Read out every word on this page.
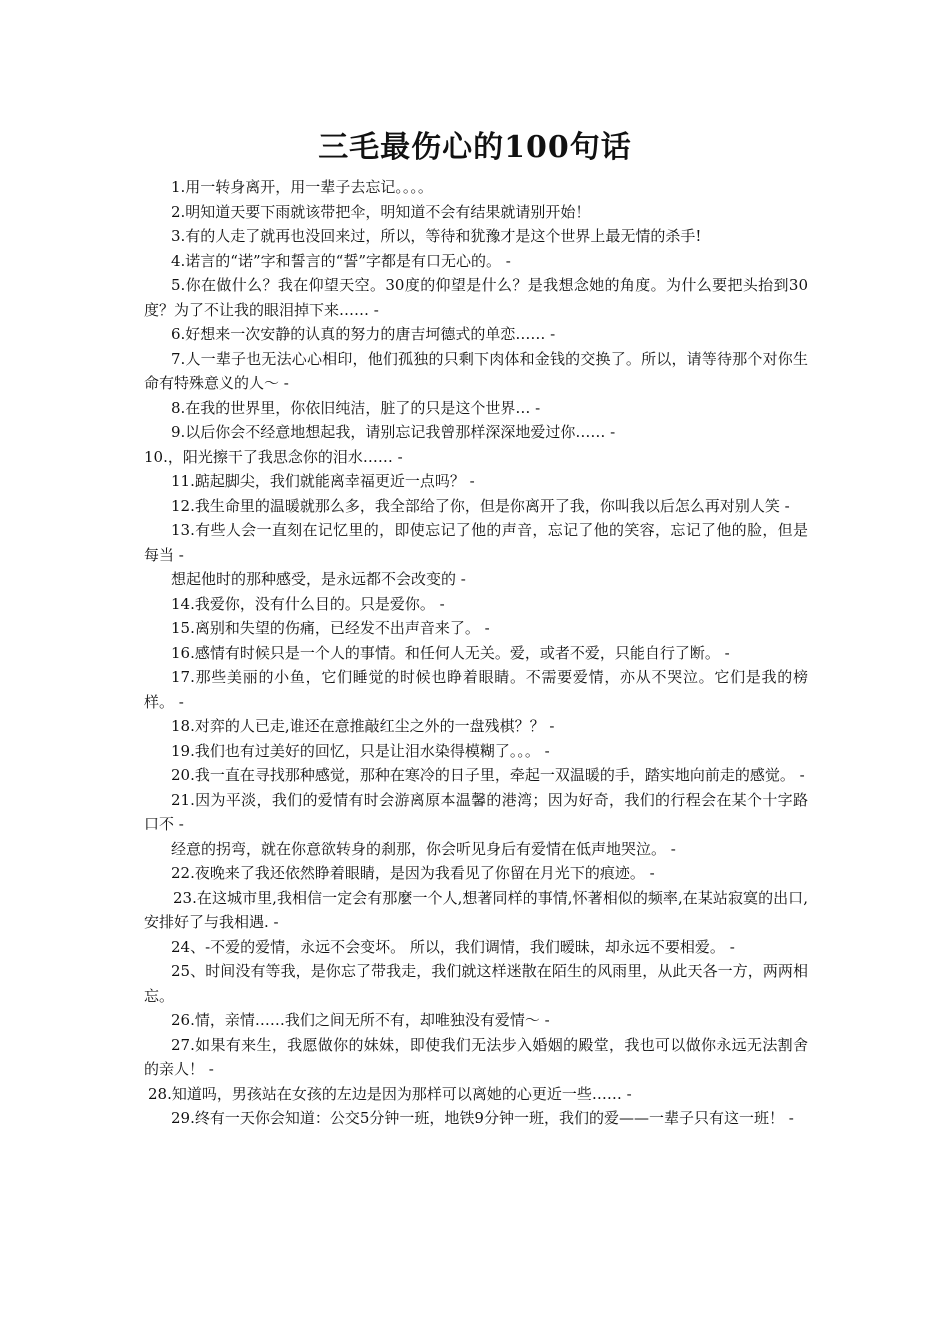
三毛最伤心的100句话
1.用一转身离开，用一辈子去忘记。。。。
2.明知道天要下雨就该带把伞，明知道不会有结果就请别开始！
3.有的人走了就再也没回来过，所以，等待和犹豫才是这个世界上最无情的杀手!
4.诺言的“诺”字和誓言的“誓”字都是有口无心的。 -
5.你在做什么？我在仰望天空。30度的仰望是什么？是我想念她的角度。为什么要把头抬到30度？为了不让我的眼泪掉下来…… -
6.好想来一次安静的认真的努力的唐吉坷德式的单恋…… -
7.人一辈子也无法心心相印，他们孤独的只剩下肉体和金钱的交换了。所以，请等待那个对你生命有特殊意义的人～ -
8.在我的世界里，你依旧纯洁，脏了的只是这个世界… -
9.以后你会不经意地想起我，请别忘记我曾那样深深地爱过你…… -
10.，阳光擦干了我思念你的泪水…… -
11.踮起脚尖，我们就能离幸福更近一点吗？ -
12.我生命里的温暖就那么多，我全部给了你，但是你离开了我，你叫我以后怎么再对别人笑 -
13.有些人会一直刻在记忆里的，即使忘记了他的声音，忘记了他的笑容，忘记了他的脸，但是每当 -
想起他时的那种感受，是永远都不会改变的 -
14.我爱你，没有什么目的。只是爱你。 -
15.离别和失望的伤痛，已经发不出声音来了。 -
16.感情有时候只是一个人的事情。和任何人无关。爱，或者不爱，只能自行了断。 -
17.那些美丽的小鱼，它们睡觉的时候也睁着眼睛。不需要爱情，亦从不哭泣。它们是我的榜样。 -
18.对弈的人已走,谁还在意推敲红尘之外的一盘残棋？？ -
19.我们也有过美好的回忆，只是让泪水染得模糊了。。。 -
20.我一直在寻找那种感觉，那种在寒冷的日子里，牵起一双温暖的手，踏实地向前走的感觉。 -
21.因为平淡，我们的爱情有时会游离原本温馨的港湾；因为好奇，我们的行程会在某个十字路口不 -
经意的拐弯，就在你意欲转身的刹那，你会听见身后有爱情在低声地哭泣。 -
22.夜晚来了我还依然睁着眼睛，是因为我看见了你留在月光下的痕迹。 -
23.在这城市里,我相信一定会有那麼一个人,想著同样的事情,怀著相似的频率,在某站寂寞的出口,安排好了与我相遇. -
24、-不爱的爱情，永远不会变坏。 所以，我们调情，我们暧昧，却永远不要相爱。 -
25、时间没有等我，是你忘了带我走，我们就这样迷散在陌生的风雨里，从此天各一方，两两相 忘。
26.情，亲情……我们之间无所不有，却唯独没有爱情～ -
27.如果有来生，我愿做你的妹妹，即使我们无法步入婚姻的殿堂，我也可以做你永远无法割舍的亲人！ -
28.知道吗，男孩站在女孩的左边是因为那样可以离她的心更近一些…… -
29.终有一天你会知道：公交5分钟一班，地铁9分钟一班，我们的爱——一辈子只有这一班！ -
